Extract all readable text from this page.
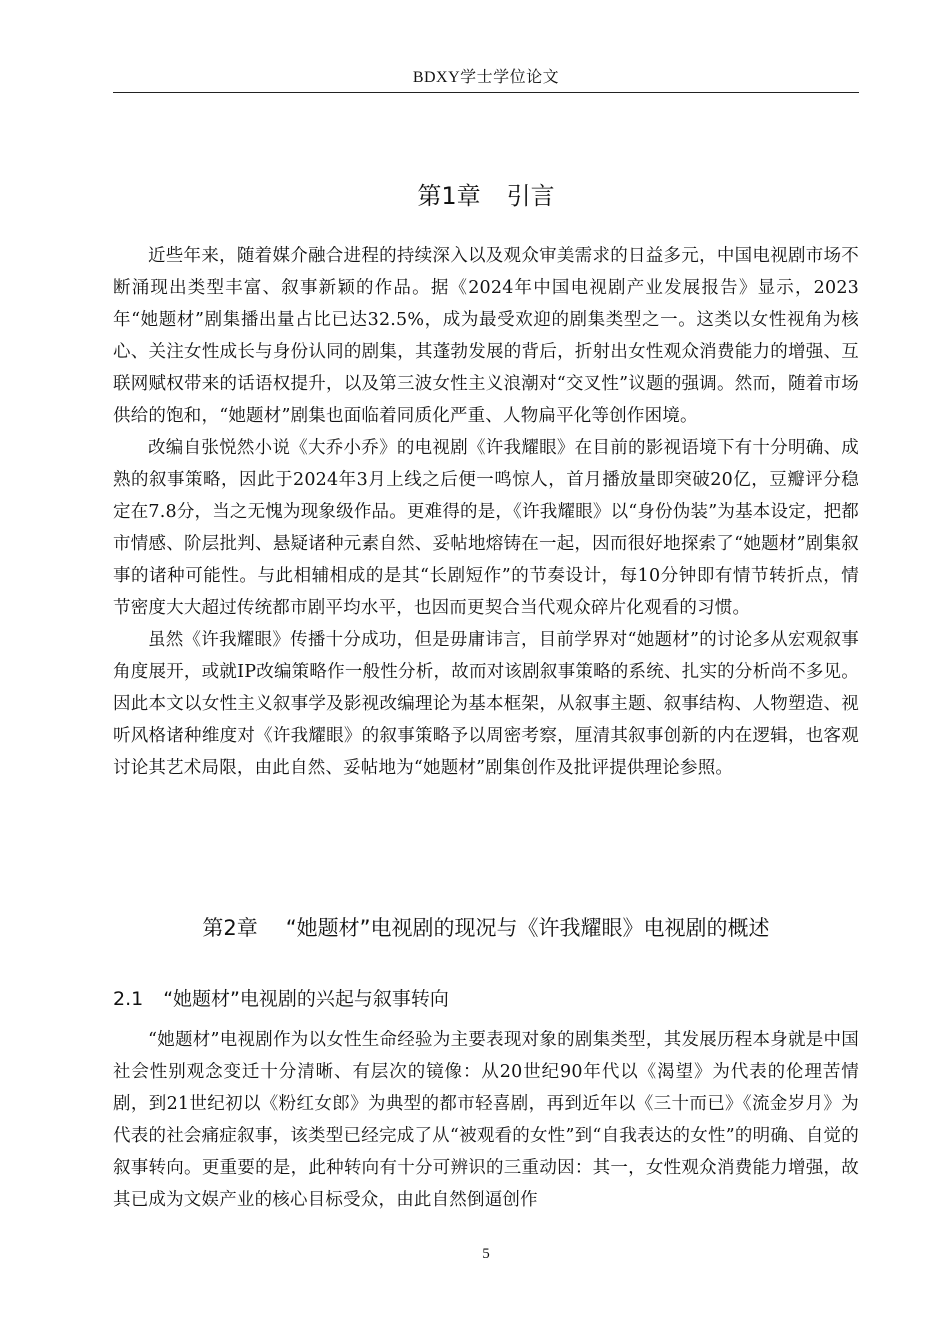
BDXY学士学位论文
第1章 引言

近些年来，随着媒介融合进程的持续深入以及观众审美需求的日益多元，中国电视剧市场不断涌现出类型丰富、叙事新颖的作品。据《2024年中国电视剧产业发展报告》显示，2023年“她题材”剧集播出量占比已达32.5%，成为最受欢迎的剧集类型之一。这类以女性视角为核心、关注女性成长与身份认同的剧集，其蓬勃发展的背后，折射出女性观众消费能力的增强、互联网赋权带来的话语权提升，以及第三波女性主义浪潮对“交叉性”议题的强调。然而，随着市场供给的饱和，“她题材”剧集也面临着同质化严重、人物扁平化等创作困境。

改编自张悦然小说《大乔小乔》的电视剧《许我耀眼》在目前的影视语境下有十分明确、成熟的叙事策略，因此于2024年3月上线之后便一鸣惊人，首月播放量即突破20亿，豆瓣评分稳定在7.8分，当之无愧为现象级作品。更难得的是，《许我耀眼》以“身份伪装”为基本设定，把都市情感、阶层批判、悬疑诸种元素自然、妥帖地熔铸在一起，因而很好地探索了“她题材”剧集叙事的诸种可能性。与此相辅相成的是其“长剧短作”的节奏设计，每10分钟即有情节转折点，情节密度大大超过传统都市剧平均水平，也因而更契合当代观众碎片化观看的习惯。

虽然《许我耀眼》传播十分成功，但是毋庸讳言，目前学界对“她题材”的讨论多从宏观叙事角度展开，或就IP改编策略作一般性分析，故而对该剧叙事策略的系统、扎实的分析尚不多见。因此本文以女性主义叙事学及影视改编理论为基本框架，从叙事主题、叙事结构、人物塑造、视听风格诸种维度对《许我耀眼》的叙事策略予以周密考察，厘清其叙事创新的内在逻辑，也客观讨论其艺术局限，由此自然、妥帖地为“她题材”剧集创作及批评提供理论参照。

第2章 “她题材”电视剧的现况与《许我耀眼》电视剧的概述
2.1 “她题材”电视剧的兴起与叙事转向

“她题材”电视剧作为以女性生命经验为主要表现对象的剧集类型，其发展历程本身就是中国社会性别观念变迁十分清晰、有层次的镜像：从20世纪90年代以《渴望》为代表的伦理苦情剧，到21世纪初以《粉红女郎》为典型的都市轻喜剧，再到近年以《三十而已》《流金岁月》为代表的社会痛症叙事，该类型已经完成了从“被观看的女性”到“自我表达的女性”的明确、自觉的叙事转向。更重要的是，此种转向有十分可辨识的三重动因：其一，女性观众消费能力增强，故其已成为文娱产业的核心目标受众，由此自然倒逼创作

5
